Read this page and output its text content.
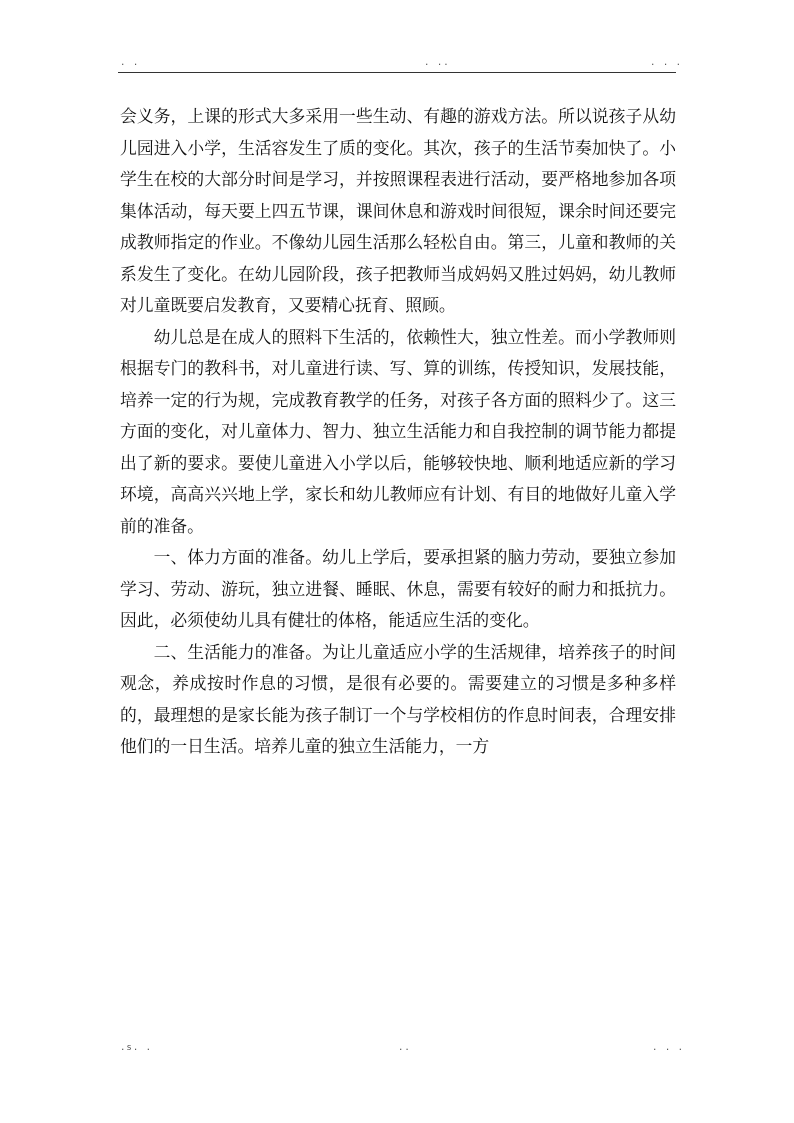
. .	. ..	. . .

会义务，上课的形式大多采用一些生动、有趣的游戏方法。所以说孩子从幼儿园进入小学，生活容发生了质的变化。其次，孩子的生活节奏加快了。小学生在校的大部分时间是学习，并按照课程表进行活动，要严格地参加各项集体活动，每天要上四五节课，课间休息和游戏时间很短，课余时间还要完成教师指定的作业。不像幼儿园生活那么轻松自由。第三，儿童和教师的关系发生了变化。在幼儿园阶段，孩子把教师当成妈妈又胜过妈妈，幼儿教师对儿童既要启发教育，又要精心抚育、照顾。

幼儿总是在成人的照料下生活的，依赖性大，独立性差。而小学教师则根据专门的教科书，对儿童进行读、写、算的训练，传授知识，发展技能，培养一定的行为规，完成教育教学的任务，对孩子各方面的照料少了。这三方面的变化，对儿童体力、智力、独立生活能力和自我控制的调节能力都提出了新的要求。要使儿童进入小学以后，能够较快地、顺利地适应新的学习环境，高高兴兴地上学，家长和幼儿教师应有计划、有目的地做好儿童入学前的准备。

一、体力方面的准备。幼儿上学后，要承担紧的脑力劳动，要独立参加学习、劳动、游玩，独立进餐、睡眠、休息，需要有较好的耐力和抵抗力。因此，必须使幼儿具有健壮的体格，能适应生活的变化。

二、生活能力的准备。为让儿童适应小学的生活规律，培养孩子的时间观念，养成按时作息的习惯，是很有必要的。需要建立的习惯是多种多样的，最理想的是家长能为孩子制订一个与学校相仿的作息时间表，合理安排他们的一日生活。培养儿童的独立生活能力，一方

.s. .	..	. . .
